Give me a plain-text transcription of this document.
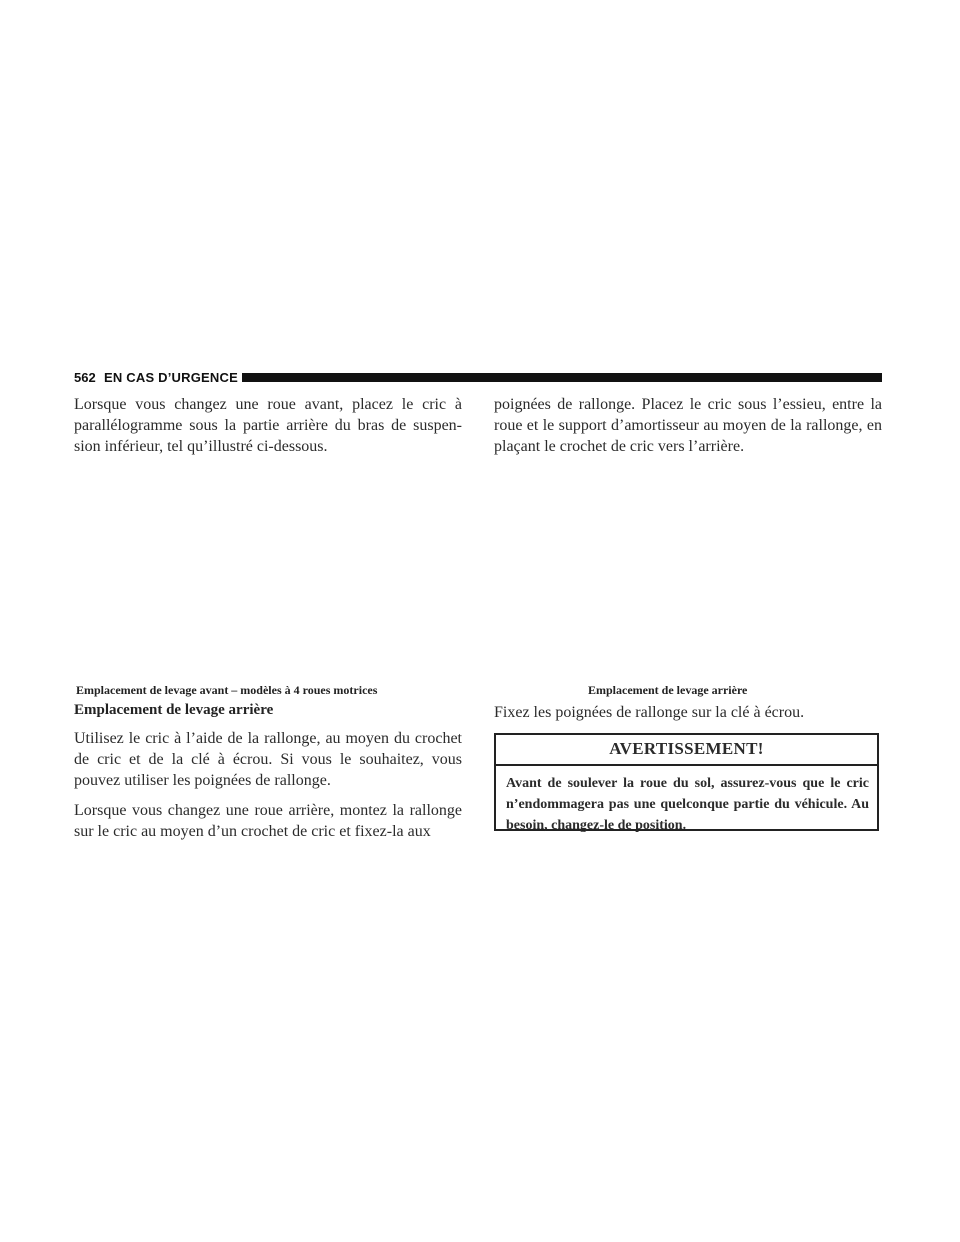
562 EN CAS D’URGENCE

Lorsque vous changez une roue avant, placez le cric à parallélogramme sous la partie arrière du bras de suspen-sion inférieur, tel qu’illustré ci-dessous.

poignées de rallonge. Placez le cric sous l’essieu, entre la roue et le support d’amortisseur au moyen de la rallonge, en plaçant le crochet de cric vers l’arrière.

Emplacement de levage avant – modèles à 4 roues motrices	Emplacement de levage arrière
Emplacement de levage arrière

Utilisez le cric à l’aide de la rallonge, au moyen du crochet de cric et de la clé à écrou. Si vous le souhaitez, vous pouvez utiliser les poignées de rallonge.

Lorsque vous changez une roue arrière, montez la rallonge sur le cric au moyen d’un crochet de cric et fixez-la aux

Fixez les poignées de rallonge sur la clé à écrou.

AVERTISSEMENT!
Avant de soulever la roue du sol, assurez-vous que le cric n’endommagera pas une quelconque partie du véhicule. Au besoin, changez-le de position.
